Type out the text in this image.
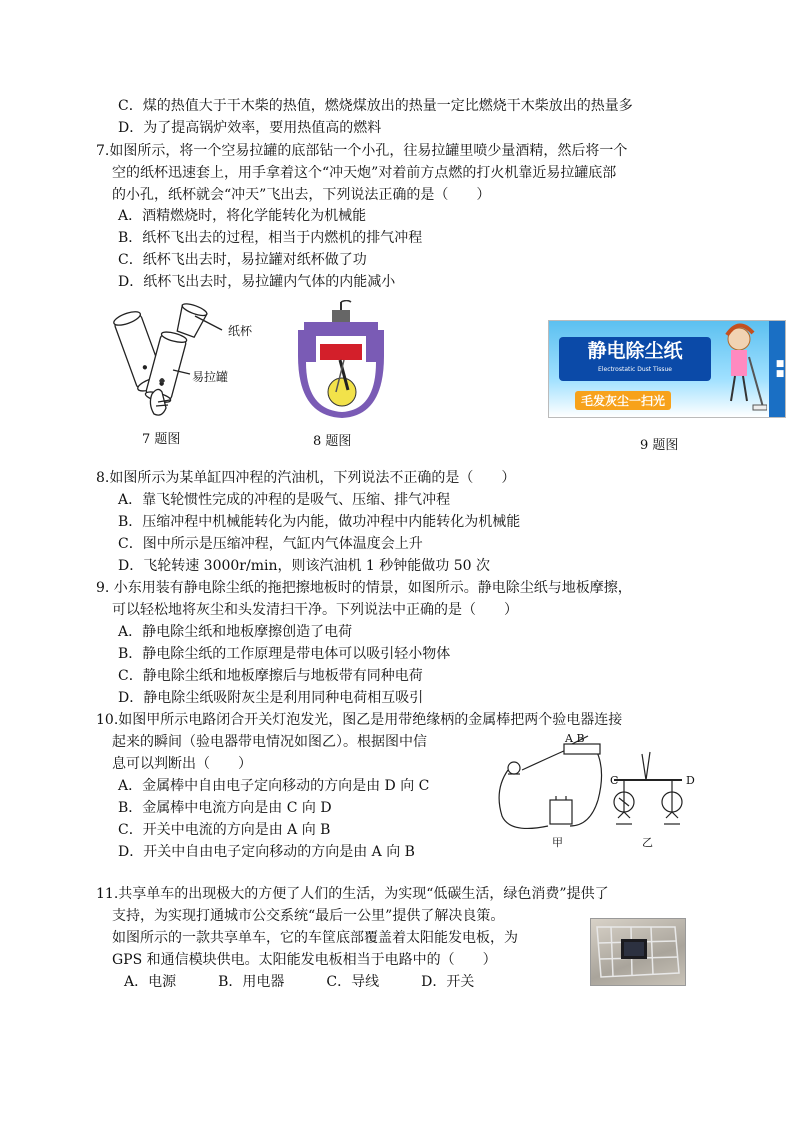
C．煤的热值大于干木柴的热值，燃烧煤放出的热量一定比燃烧干木柴放出的热量多
D．为了提高锅炉效率，要用热值高的燃料
7.如图所示，将一个空易拉罐的底部钻一个小孔，往易拉罐里喷少量酒精，然后将一个
空的纸杯迅速套上，用手拿着这个“冲天炮”对着前方点燃的打火机靠近易拉罐底部
的小孔，纸杯就会“冲天”飞出去，下列说法正确的是（　　）
A．酒精燃烧时，将化学能转化为机械能
B．纸杯飞出去的过程，相当于内燃机的排气冲程
C．纸杯飞出去时，易拉罐对纸杯做了功
D．纸杯飞出去时，易拉罐内气体的内能减小
8.如图所示为某单缸四冲程的汽油机，下列说法不正确的是（　　）
A．靠飞轮惯性完成的冲程的是吸气、压缩、排气冲程
B．压缩冲程中机械能转化为内能，做功冲程中内能转化为机械能
C．图中所示是压缩冲程，气缸内气体温度会上升
D．飞轮转速 3000r/min，则该汽油机 1 秒钟能做功 50 次
9. 小东用装有静电除尘纸的拖把擦地板时的情景，如图所示。静电除尘纸与地板摩擦，
可以轻松地将灰尘和头发清扫干净。下列说法中正确的是（　　）
A．静电除尘纸和地板摩擦创造了电荷
B．静电除尘纸的工作原理是带电体可以吸引轻小物体
C．静电除尘纸和地板摩擦后与地板带有同种电荷
D．静电除尘纸吸附灰尘是利用同种电荷相互吸引
10.如图甲所示电路闭合开关灯泡发光，图乙是用带绝缘柄的金属棒把两个验电器连接
起来的瞬间（验电器带电情况如图乙）。根据图中信
息可以判断出（　　）
A．金属棒中自由电子定向移动的方向是由 D 向 C
B．金属棒中电流方向是由 C 向 D
C．开关中电流的方向是由 A 向 B
D．开关中自由电子定向移动的方向是由 A 向 B
11.共享单车的出现极大的方便了人们的生活，为实现“低碳生活，绿色消费”提供了
支持，为实现打通城市公交系统“最后一公里”提供了解决良策。
如图所示的一款共享单车，它的车筐底部覆盖着太阳能发电板，为
GPS 和通信模块供电。太阳能发电板相当于电路中的（　　）
A．电源　　　B．用电器　　　C．导线　　　D．开关
纸杯
易拉罐
7 题图	8 题图
静电除尘纸
Electrostatic Dust Tissue
毛发灰尘一扫光
■■
9 题图
A B
C	D
甲	乙
